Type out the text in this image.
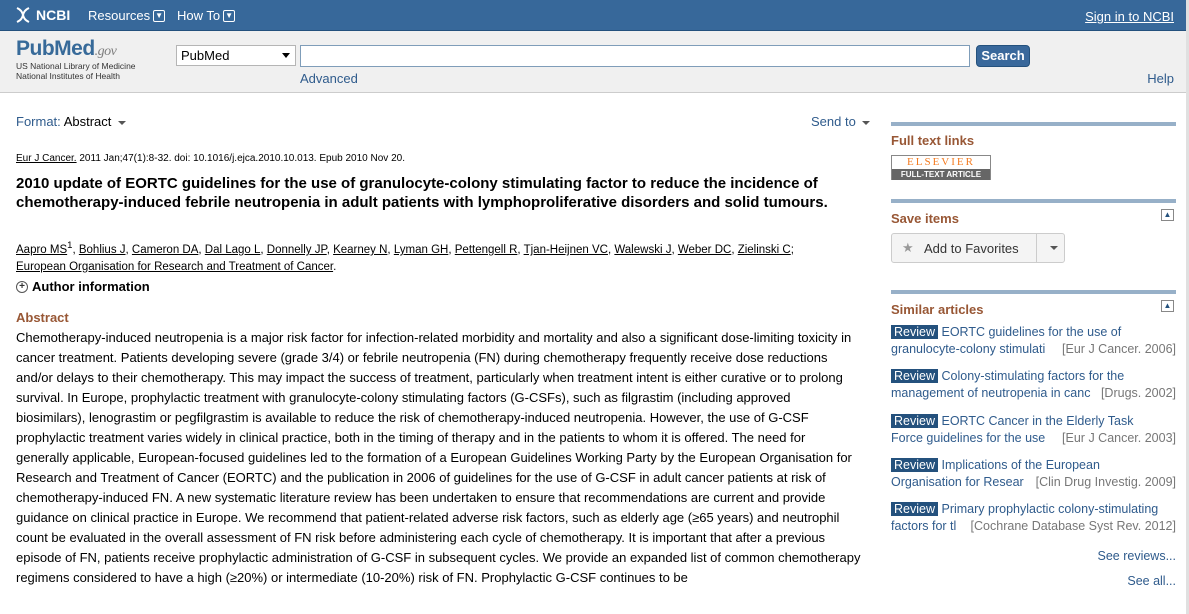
NCBI Resources ▼ How To ▼	Sign in to NCBI
PubMed.gov
US National Library of Medicine
National Institutes of Health
PubMed	Search
Advanced	Help
Format: Abstract	Send to
Eur J Cancer. 2011 Jan;47(1):8-32. doi: 10.1016/j.ejca.2010.10.013. Epub 2010 Nov 20.
2010 update of EORTC guidelines for the use of granulocyte-colony stimulating factor to reduce the incidence of chemotherapy-induced febrile neutropenia in adult patients with lymphoproliferative disorders and solid tumours.
Aapro $MS^1$, Bohlius J, Cameron DA, Dal Lago L, Donnelly JP, Kearney N, Lyman GH, Pettengell R, Tjan-Heijnen VC, Walewski J, Weber DC, Zielinski C;
European Organisation for Research and Treatment of Cancer.
+ Author information
Abstract

Chemotherapy-induced neutropenia is a major risk factor for infection-related morbidity and mortality and also a significant dose-limiting toxicity in cancer treatment. Patients developing severe (grade 3/4) or febrile neutropenia (FN) during chemotherapy frequently receive dose reductions and/or delays to their chemotherapy. This may impact the success of treatment, particularly when treatment intent is either curative or to prolong survival. In Europe, prophylactic treatment with granulocyte-colony stimulating factors (G-CSFs), such as filgrastim (including approved biosimilars), lenograstim or pegfilgrastim is available to reduce the risk of chemotherapy-induced neutropenia. However, the use of G-CSF prophylactic treatment varies widely in clinical practice, both in the timing of therapy and in the patients to whom it is offered. The need for generally applicable, European-focused guidelines led to the formation of a European Guidelines Working Party by the European Organisation for Research and Treatment of Cancer (EORTC) and the publication in 2006 of guidelines for the use of G-CSF in adult cancer patients at risk of chemotherapy-induced FN. A new systematic literature review has been undertaken to ensure that recommendations are current and provide guidance on clinical practice in Europe. We recommend that patient-related adverse risk factors, such as elderly age (≥65 years) and neutrophil count be evaluated in the overall assessment of FN risk before administering each cycle of chemotherapy. It is important that after a previous episode of FN, patients receive prophylactic administration of G-CSF in subsequent cycles. We provide an expanded list of common chemotherapy regimens considered to have a high (≥20%) or intermediate (10-20%) risk of FN. Prophylactic G-CSF continues to be

Full text links
ELSEVIER
FULL-TEXT ARTICLE
Save items	▲
★ Add to Favorites
Similar articles	▲
Review EORTC guidelines for the use of
granulocyte-colony stimulati	[Eur J Cancer. 2006]
Review Colony-stimulating factors for the
management of neutropenia in canc [Drugs. 2002]
Review EORTC Cancer in the Elderly Task
Force guidelines for the use	[Eur J Cancer. 2003]
Review Implications of the European
Organisation for Resear [Clin Drug Investig. 2009]
Review Primary prophylactic colony-stimulating
factors for tl	[Cochrane Database Syst Rev. 2012]
See reviews...
See all...
